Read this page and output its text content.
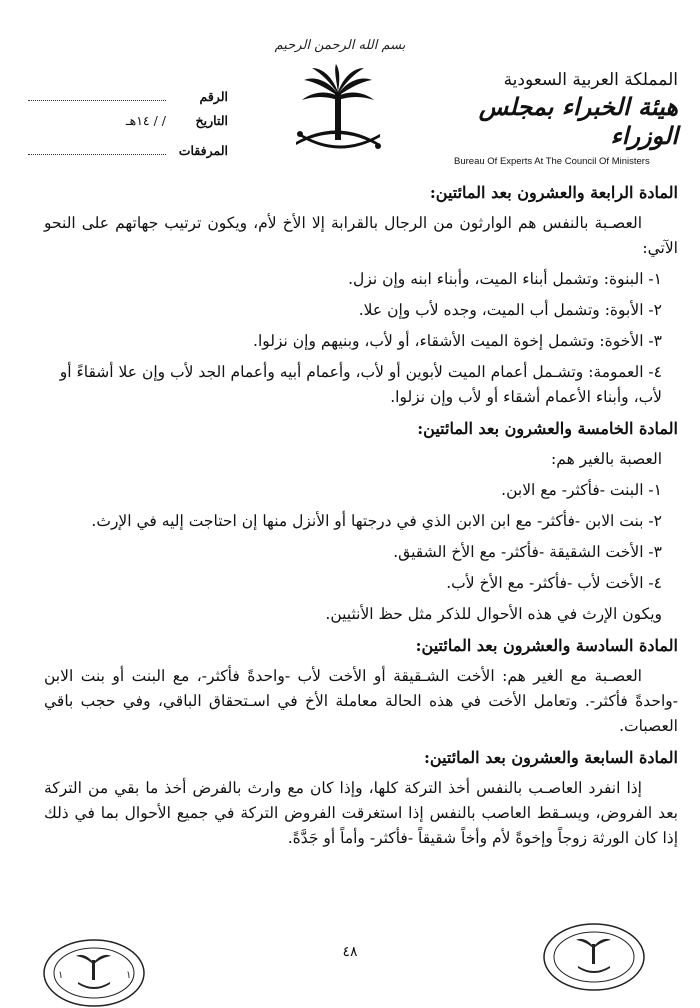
بسم الله الرحمن الرحيم
المملكة العربية السعودية
هيئة الخبراء بمجلس الوزراء
Bureau Of Experts At The Council Of Ministers
الرقم
التاريخ
/ / ١٤هـ
المرفقات
المادة الرابعة والعشرون بعد المائتين:
العصـبة بالنفس هم الوارثون من الرجال بالقرابة إلا الأخ لأم، ويكون ترتيب جهاتهم على النحو الآتي:
١- البنوة: وتشمل أبناء الميت، وأبناء ابنه وإن نزل.
٢- الأبوة: وتشمل أب الميت، وجده لأب وإن علا.
٣- الأخوة: وتشمل إخوة الميت الأشقاء، أو لأب، وبنيهم وإن نزلوا.
٤- العمومة: وتشـمل أعمام الميت لأبوين أو لأب، وأعمام أبيه وأعمام الجد لأب وإن علا أشقاءً أو لأب، وأبناء الأعمام أشقاء أو لأب وإن نزلوا.
المادة الخامسة والعشرون بعد المائتين:
العصبة بالغير هم:
١- البنت -فأكثر- مع الابن.
٢- بنت الابن -فأكثر- مع ابن الابن الذي في درجتها أو الأنزل منها إن احتاجت إليه في الإرث.
٣- الأخت الشقيقة -فأكثر- مع الأخ الشقيق.
٤- الأخت لأب -فأكثر- مع الأخ لأب.
ويكون الإرث في هذه الأحوال للذكر مثل حظ الأنثيين.
المادة السادسة والعشرون بعد المائتين:
العصـبة مع الغير هم: الأخت الشـقيقة أو الأخت لأب -واحدةً فأكثر-، مع البنت أو بنت الابن -واحدةً فأكثر-. وتعامل الأخت في هذه الحالة معاملة الأخ في اسـتحقاق الباقي، وفي حجب باقي العصبات.
المادة السابعة والعشرون بعد المائتين:
إذا انفرد العاصـب بالنفس أخذ التركة كلها، وإذا كان مع وارث بالفرض أخذ ما بقي من التركة بعد الفروض، ويسـقط العاصب بالنفس إذا استغرقت الفروض التركة في جميع الأحوال بما في ذلك إذا كان الورثة زوجاً وإخوةً لأم وأخاً شقيقاً -فأكثر- وأماً أو جَدَّةً.
٤٨
١	١
